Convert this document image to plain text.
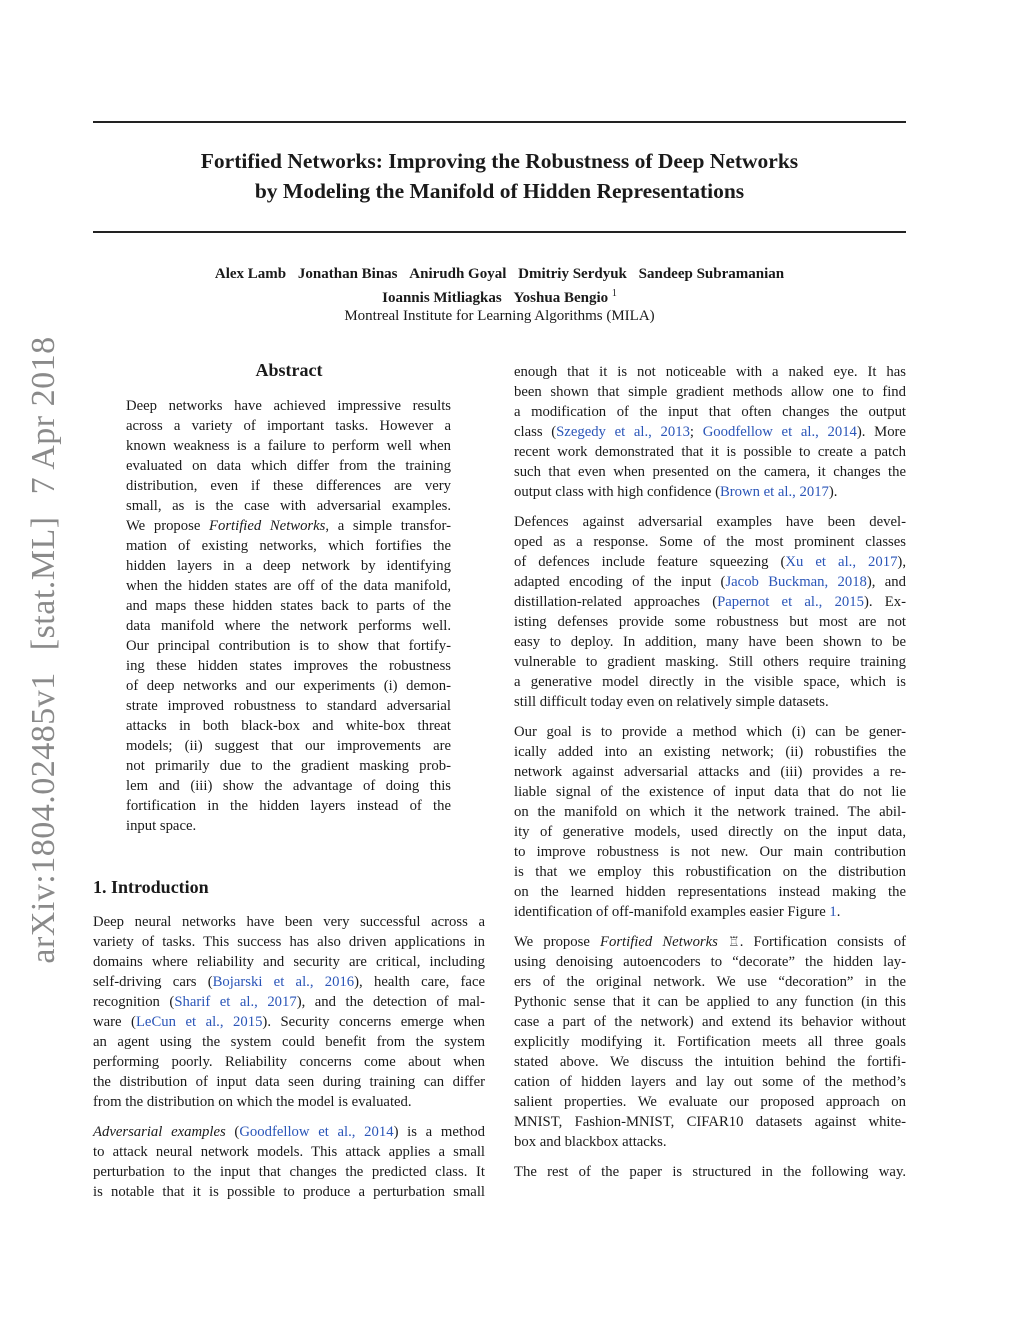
Fortified Networks: Improving the Robustness of Deep Networks
by Modeling the Manifold of Hidden Representations
Alex Lamb Jonathan Binas Anirudh Goyal Dmitriy Serdyuk Sandeep Subramanian
Ioannis Mitliagkas Yoshua Bengio $^1$
Montreal Institute for Learning Algorithms (MILA)
arXiv:1804.02485v1
[stat.ML]
7 Apr 2018	Abstract
Deep networks have achieved impressive results
across a variety of important tasks. However a
known weakness is a failure to perform well when
evaluated on data which differ from the training
distribution, even if these differences are very
small, as is the case with adversarial examples.
We propose Fortified Networks, a simple transfor-
mation of existing networks, which fortifies the
hidden layers in a deep network by identifying
when the hidden states are off of the data manifold,
and maps these hidden states back to parts of the
data manifold where the network performs well.
Our principal contribution is to show that fortify-
ing these hidden states improves the robustness
of deep networks and our experiments (i) demon-
strate improved robustness to standard adversarial
attacks in both black-box and white-box threat
models; (ii) suggest that our improvements are
not primarily due to the gradient masking prob-
lem and (iii) show the advantage of doing this
fortification in the hidden layers instead of the
input space.
1. Introduction
Deep neural networks have been very successful across a
variety of tasks. This success has also driven applications in
domains where reliability and security are critical, including
self-driving cars (Bojarski et al., 2016), health care, face
recognition (Sharif et al., 2017), and the detection of mal-
ware (LeCun et al., 2015). Security concerns emerge when
an agent using the system could benefit from the system
performing poorly. Reliability concerns come about when
the distribution of input data seen during training can differ
from the distribution on which the model is evaluated.
Adversarial examples (Goodfellow et al., 2014) is a method
to attack neural network models. This attack applies a small
perturbation to the input that changes the predicted class. It
is notable that it is possible to produce a perturbation small
enough that it is not noticeable with a naked eye. It has
been shown that simple gradient methods allow one to find
a modification of the input that often changes the output
class (Szegedy et al., 2013; Goodfellow et al., 2014). More
recent work demonstrated that it is possible to create a patch
such that even when presented on the camera, it changes the
output class with high confidence (Brown et al., 2017).
Defences against adversarial examples have been devel-
oped as a response. Some of the most prominent classes
of defences include feature squeezing (Xu et al., 2017),
adapted encoding of the input (Jacob Buckman, 2018), and
distillation-related approaches (Papernot et al., 2015). Ex-
isting defenses provide some robustness but most are not
easy to deploy. In addition, many have been shown to be
vulnerable to gradient masking. Still others require training
a generative model directly in the visible space, which is
still difficult today even on relatively simple datasets.
Our goal is to provide a method which (i) can be gener-
ically added into an existing network; (ii) robustifies the
network against adversarial attacks and (iii) provides a re-
liable signal of the existence of input data that do not lie
on the manifold on which it the network trained. The abil-
ity of generative models, used directly on the input data,
to improve robustness is not new. Our main contribution
is that we employ this robustification on the distribution
on the learned hidden representations instead making the
identification of off-manifold examples easier Figure 1.
We propose Fortified Networks ♖. Fortification consists of
using denoising autoencoders to “decorate” the hidden lay-
ers of the original network. We use “decoration” in the
Pythonic sense that it can be applied to any function (in this
case a part of the network) and extend its behavior without
explicitly modifying it. Fortification meets all three goals
stated above. We discuss the intuition behind the fortifi-
cation of hidden layers and lay out some of the method’s
salient properties. We evaluate our proposed approach on
MNIST, Fashion-MNIST, CIFAR10 datasets against white-
box and blackbox attacks.
The rest of the paper is structured in the following way.
